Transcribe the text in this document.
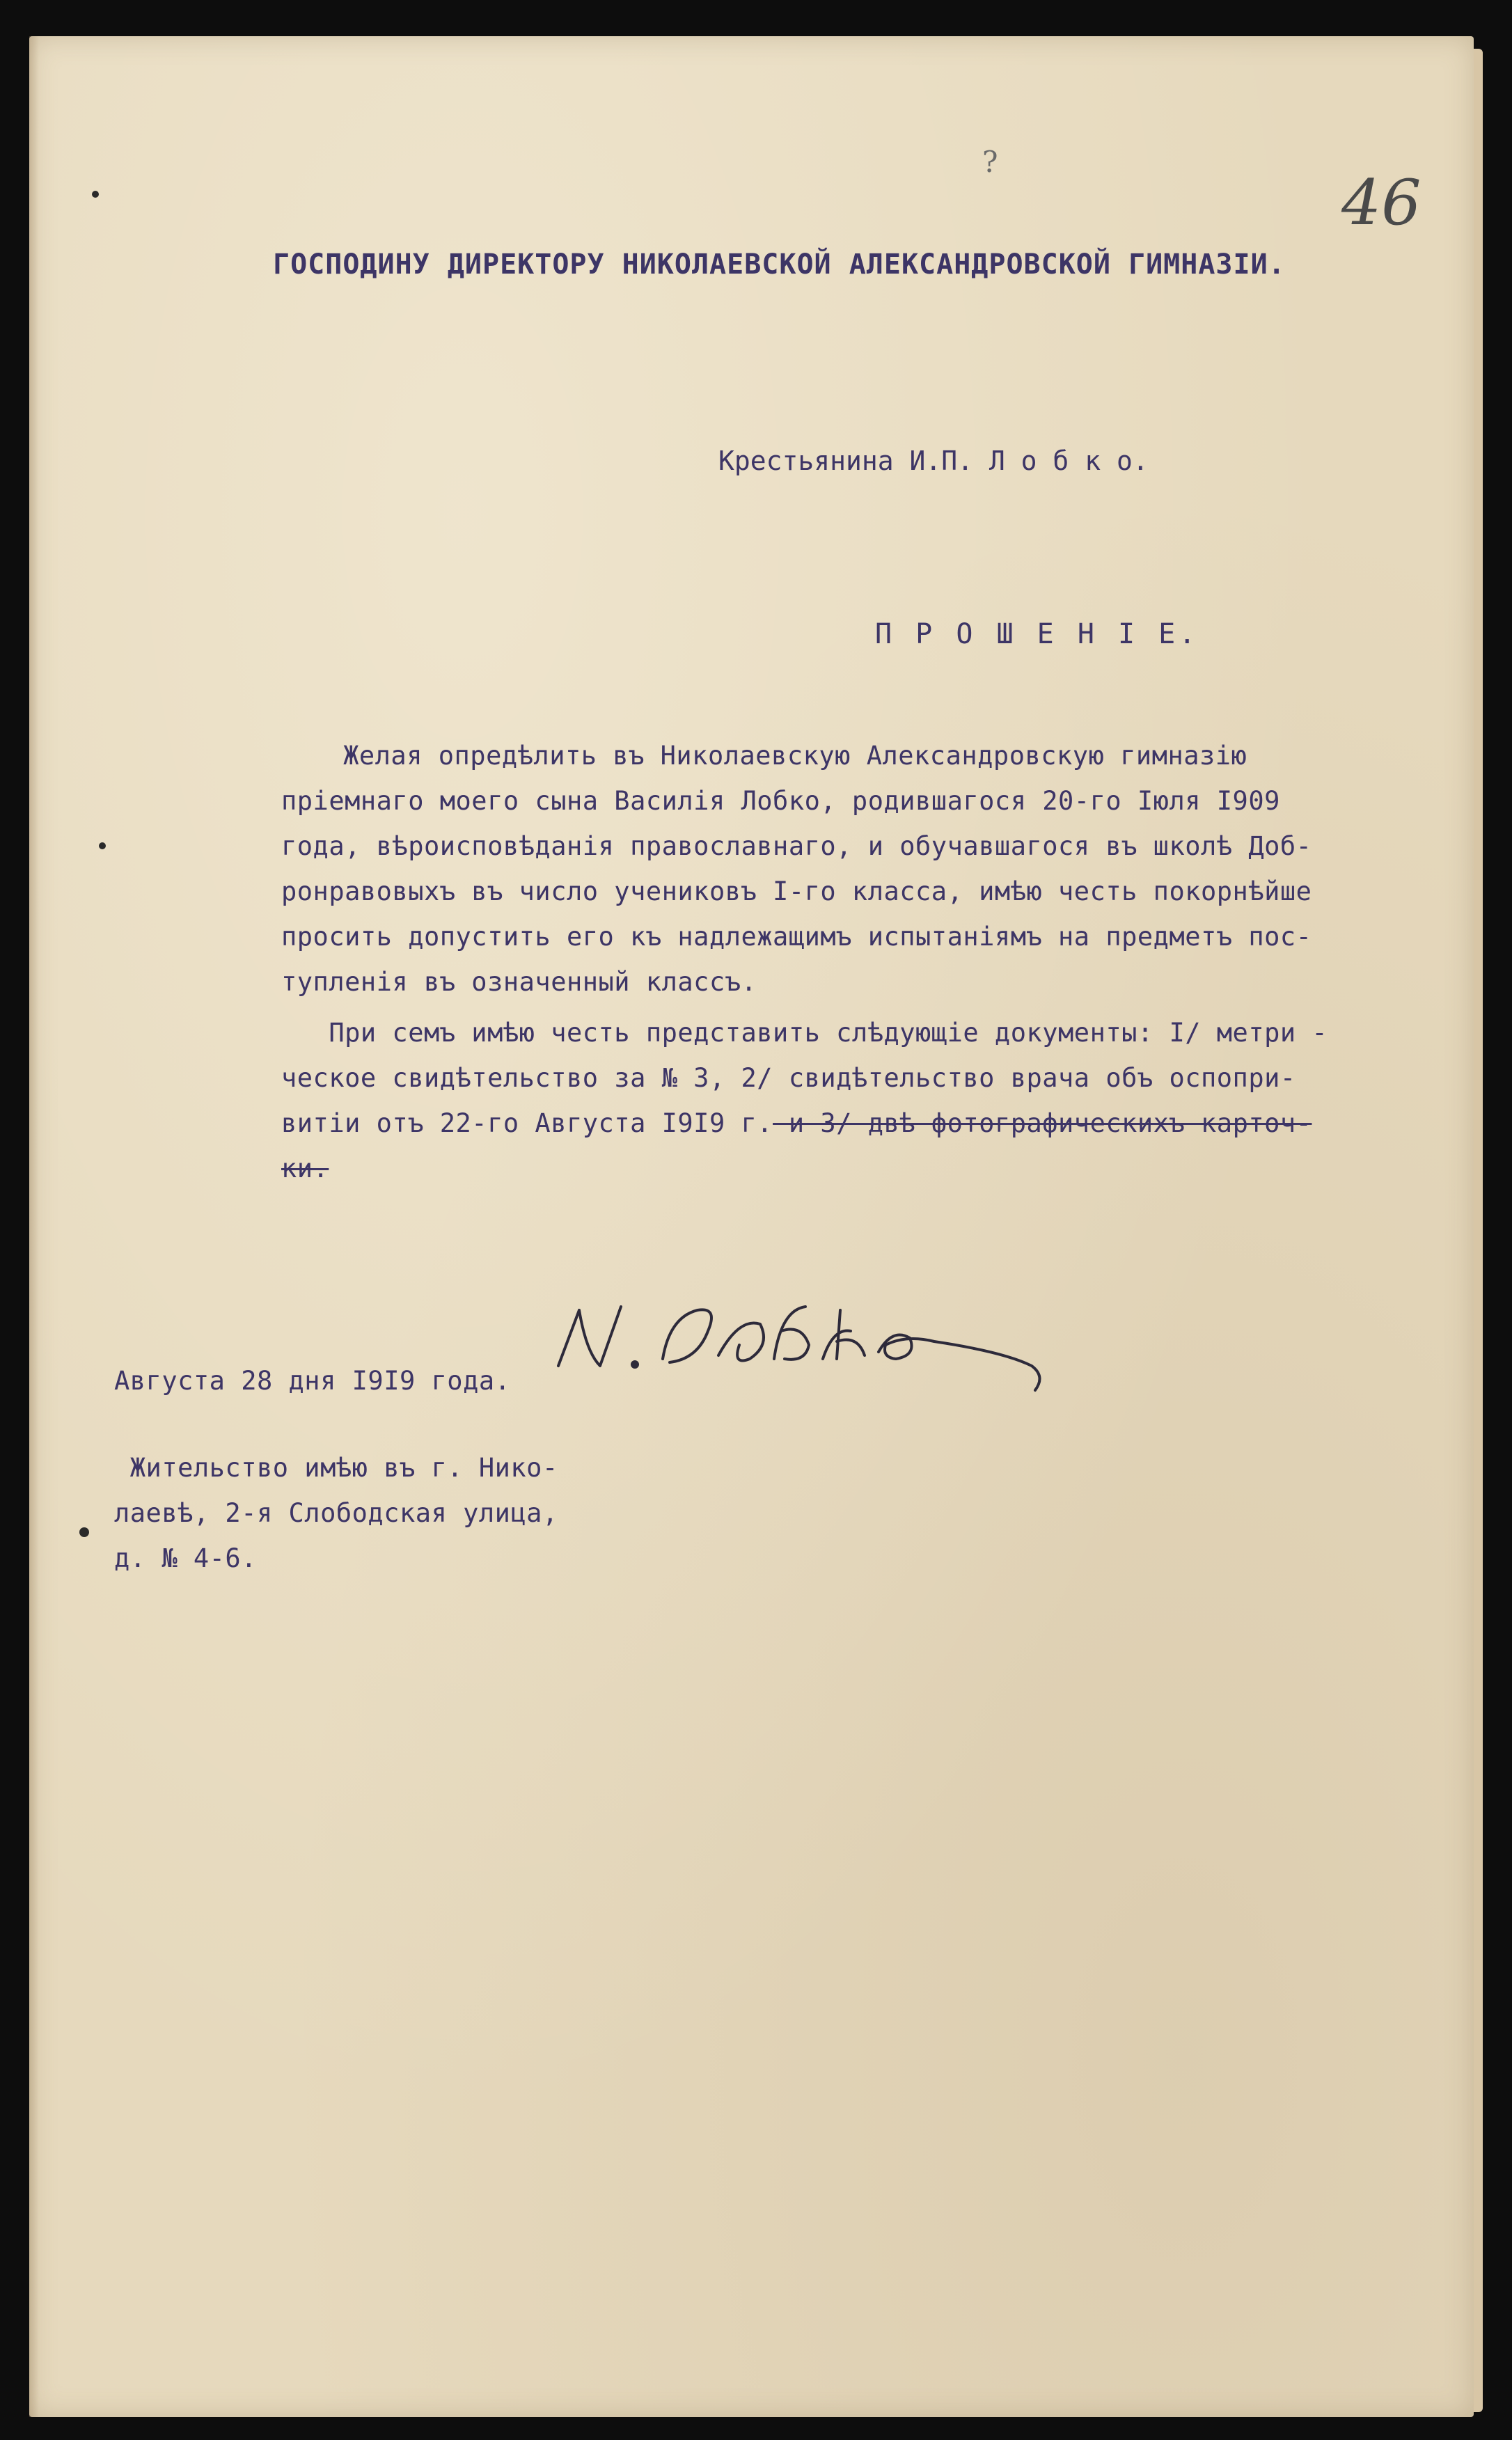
46
?

ГОСПОДИНУ ДИРЕКТОРУ НИКОЛАЕВСКОЙ АЛЕКСАНДРОВСКОЙ ГИМНАЗIИ.

Крестьянина И.П. Л о б к о.

П Р О Ш Е Н I Е.

Желая опредѣлить въ Николаевскую Александровскую гимназiю

прiемнаго моего сына Василiя Лобко, родившагося 20-го Iюля I909

года, вѣроисповѣданiя православнаго, и обучавшагося въ школѣ Доб-

ронравовыхъ въ число учениковъ I-го класса, имѣю честь покорнѣйше

просить допустить его къ надлежащимъ испытанiямъ на предметъ пос-

тупленiя въ означенный классъ.

При семъ имѣю честь представить слѣдующiе документы: I/ метри -

ческое свидѣтельство за № 3, 2/ свидѣтельство врача объ оспопри-

витiи отъ 22-го Августа I9I9 г. и 3/ двѣ фотографическихъ карточ-

ки.

И. Лобко

Августа 28 дня I9I9 года.

Жительство имѣю въ г. Нико-

лаевѣ, 2-я Слободская улица,

д. № 4-6.
